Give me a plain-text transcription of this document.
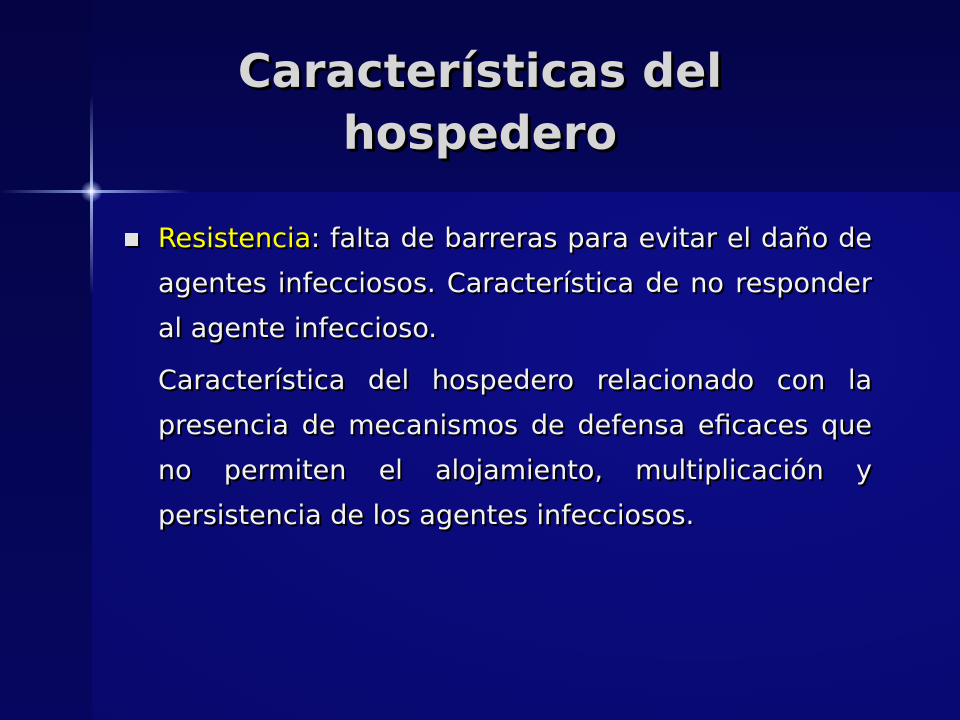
Características del hospedero

Resistencia: falta de barreras para evitar el daño de agentes infecciosos. Característica de no responder al agente infeccioso.

Característica del hospedero relacionado con la presencia de mecanismos de defensa eficaces que no permiten el alojamiento, multiplicación y persistencia de los agentes infecciosos.
